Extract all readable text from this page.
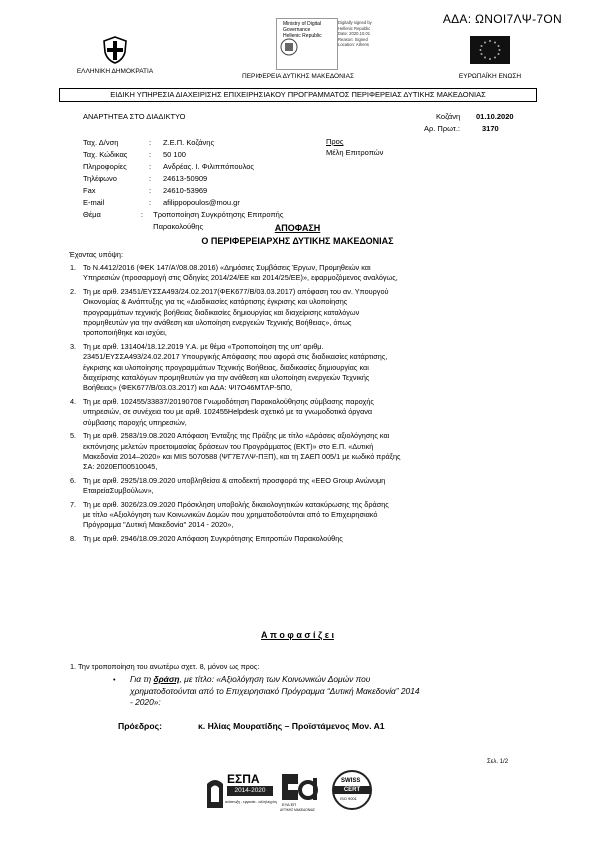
ΑΔΑ: ΩΝΟΙ7ΛΨ-7ΟΝ
ΕΛΛΗΝΙΚΗ ΔΗΜΟΚΡΑΤΙΑ
Ministry of Digital
Governance
Hellenic Republic
Digitally signed by
Hellenic Republic
Date: 2020.10.01
Reason: Signed
Location: Athens
ΠΕΡΙΦΕΡΕΙΑ ΔΥΤΙΚΗΣ ΜΑΚΕΔΟΝΙΑΣ	ΕΥΡΩΠΑΪΚΗ ΕΝΩΣΗ
ΕΙΔΙΚΗ ΥΠΗΡΕΣΙΑ ΔΙΑΧΕΙΡΙΣΗΣ ΕΠΙΧΕΙΡΗΣΙΑΚΟΥ ΠΡΟΓΡΑΜΜΑΤΟΣ ΠΕΡΙΦΕΡΕΙΑΣ ΔΥΤΙΚΗΣ ΜΑΚΕΔΟΝΙΑΣ
ΑΝΑΡΤΗΤΕΑ ΣΤΟ ΔΙΑΔΙΚΤΥΟ	Κοζάνη 01.10.2020
Αρ. Πρωτ.:	3170
Ταχ. Δ/νση	:	Ζ.Ε.Π. Κοζάνης
Ταχ. Κώδικας	:	50 100
Πληροφορίες	:	Ανδρέας. Ι. Φιλιππόπουλος
Τηλέφωνο	:	24613-50909
Fax	:	24610-53969
E-mail	:	afilippopoulos@mou.gr
Θέμα	:	Τροποποίηση Συγκρότησης Επιτροπής Παρακολούθης
Προς
Μέλη Επιτροπών
ΑΠΟΦΑΣΗ
Ο ΠΕΡΙΦΕΡΕΙΑΡΧΗΣ ΔΥΤΙΚΗΣ ΜΑΚΕΔΟΝΙΑΣ
Έχοντας υπόψη:
1. Το Ν.4412/2016 (ΦΕΚ 147/Α'/08.08.2016) «Δημόσιες Συμβάσεις Έργων, Προμηθειών και
Υπηρεσιών (προσαρμογή στις Οδηγίες 2014/24/ΕΕ και 2014/25/ΕΕ)», εφαρμοζόμενος αναλόγως,
2. Τη με αριθ. 23451/ΕΥΣΣΑ493/24.02.2017(ΦΕΚ677/Β/03.03.2017) απόφαση του αν. Υπουργού
Οικονομίας & Ανάπτυξης για τις «Διαδικασίες κατάρτισης έγκρισης και υλοποίησης
προγραμμάτων τεχνικής βοήθειας διαδικασίες δημιουργίας και διαχείρισης καταλόγων
προμηθευτών για την ανάθεση και υλοποίηση ενεργειών Τεχνικής Βοήθειας», όπως
τροποποιήθηκε και ισχύει,
3. Τη με αριθ. 131404/18.12.2019 Υ.Α. με θέμα «Τροποποίηση της υπ' αριθμ.
23451/ΕΥΣΣΑ493/24.02.2017 Υπουργικής Απόφασης που αφορά στις διαδικασίες κατάρτισης,
έγκρισης και υλοποίησης προγραμμάτων Τεχνικής Βοήθειας, διαδικασίες δημιουργίας και
διαχείρισης καταλόγων προμηθευτών για την ανάθεση και υλοποίηση ενεργειών Τεχνικής
Βοήθειας» (ΦΕΚ677/Β/03.03.2017) και ΑΔΑ: ΨΙ7Ο46ΜΤΛΡ-5Π0,
4. Τη με αριθ. 102455/33837/20190708 Γνωμοδότηση Παρακολούθησης σύμβασης παροχής
υπηρεσιών, σε συνέχεια του με αριθ. 102455Helpdesk σχετικό με τα γνωμοδοτικά όργανα
σύμβασης παροχής υπηρεσιών,
5. Τη με αριθ. 2583/19.08.2020 Απόφαση Ένταξης της Πράξης με τίτλο «Δράσεις αξιολόγησης και
εκπόνησης μελετών προετοιμασίας δράσεων του Προγράμματος (ΕΚΤ)» στο Ε.Π. «Δυτική
Μακεδονία 2014–2020» και MIS 5070588 (ΨΓ7Ε7ΛΨ-ΠΞΠ), και τη ΣΑΕΠ 005/1 με κωδικό πράξης
ΣΑ: 2020ΕΠ00510045,
6. Τη με αριθ. 2925/18.09.2020 υποβληθείσα & αποδεκτή προσφορά της «ΕΕΟ Group Ανώνυμη
ΕταιρείαΣυμβούλων»,
7. Τη με αριθ. 3026/23.09.2020 Πρόσκληση υποβολής δικαιολογητικών κατακύρωσης της δράσης
με τίτλο «Αξιολόγηση των Κοινωνικών Δομών που χρηματοδοτούνται από το Επιχειρησιακό
Πρόγραμμα "Δυτική Μακεδονία" 2014 - 2020»,
8. Τη με αριθ. 2946/18.09.2020 Απόφαση Συγκρότησης Επιτροπών Παρακολούθης
Α π ο φ α σ ί ζ ε ι
1. Την τροποποίηση του ανωτέρω σχετ. 8, μόνον ως προς:
• Για τη δράση, με τίτλο: «Αξιολόγηση των Κοινωνικών Δομών που
χρηματοδοτούνται από το Επιχειρησιακό Πρόγραμμα “Δυτική Μακεδονία” 2014
- 2020»:
Πρόεδρος:	κ. Ηλίας Μουρατίδης – Προϊστάμενος Μον. Α1
Σελ. 1/2
ΕΣΠΑ
2014-2020
ανάπτυξη - εργασία - αλληλεγγύη ΕΥΔ ΕΠ
ΔΥΤΙΚΗΣ ΜΑΚΕΔΟΝΙΑΣ
SWISS
CERT
ISO 9001
